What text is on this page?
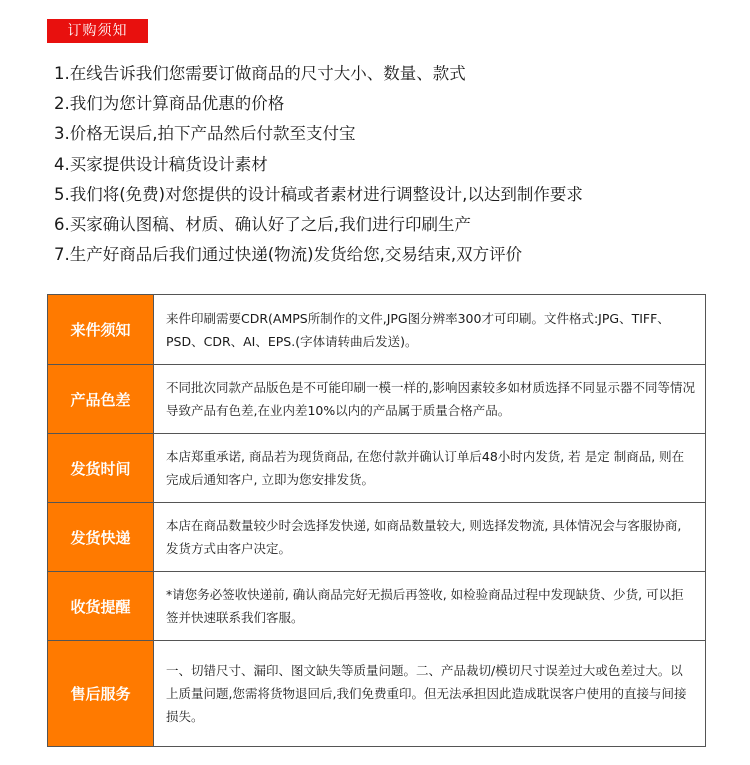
订购须知
1.在线告诉我们您需要订做商品的尺寸大小、数量、款式
2.我们为您计算商品优惠的价格
3.价格无误后,拍下产品然后付款至支付宝
4.买家提供设计稿货设计素材
5.我们将(免费)对您提供的设计稿或者素材进行调整设计,以达到制作要求
6.买家确认图稿、材质、确认好了之后,我们进行印刷生产
7.生产好商品后我们通过快递(物流)发货给您,交易结束,双方评价
来件须知	来件印刷需要CDR(AMPS所制作的文件,JPG图分辨率300才可印刷。文件格式:JPG、TIFF、PSD、CDR、AI、EPS.(字体请转曲后发送)。
产品色差	不同批次同款产品版色是不可能印刷一模一样的,影响因素较多如材质选择不同显示器不同等情况导致产品有色差,在业内差10%以内的产品属于质量合格产品。
发货时间	本店郑重承诺, 商品若为现货商品, 在您付款并确认订单后48小时内发货, 若 是定 制商品, 则在完成后通知客户, 立即为您安排发货。
发货快递	本店在商品数量较少时会选择发快递, 如商品数量较大, 则选择发物流, 具体情况会与客服协商, 发货方式由客户决定。
收货提醒	*请您务必签收快递前, 确认商品完好无损后再签收, 如检验商品过程中发现缺货、少货, 可以拒签并快速联系我们客服。
售后服务	一、切错尺寸、漏印、图文缺失等质量问题。二、产品裁切/模切尺寸误差过大或色差过大。以上质量问题,您需将货物退回后,我们免费重印。但无法承担因此造成耽误客户使用的直接与间接损失。
